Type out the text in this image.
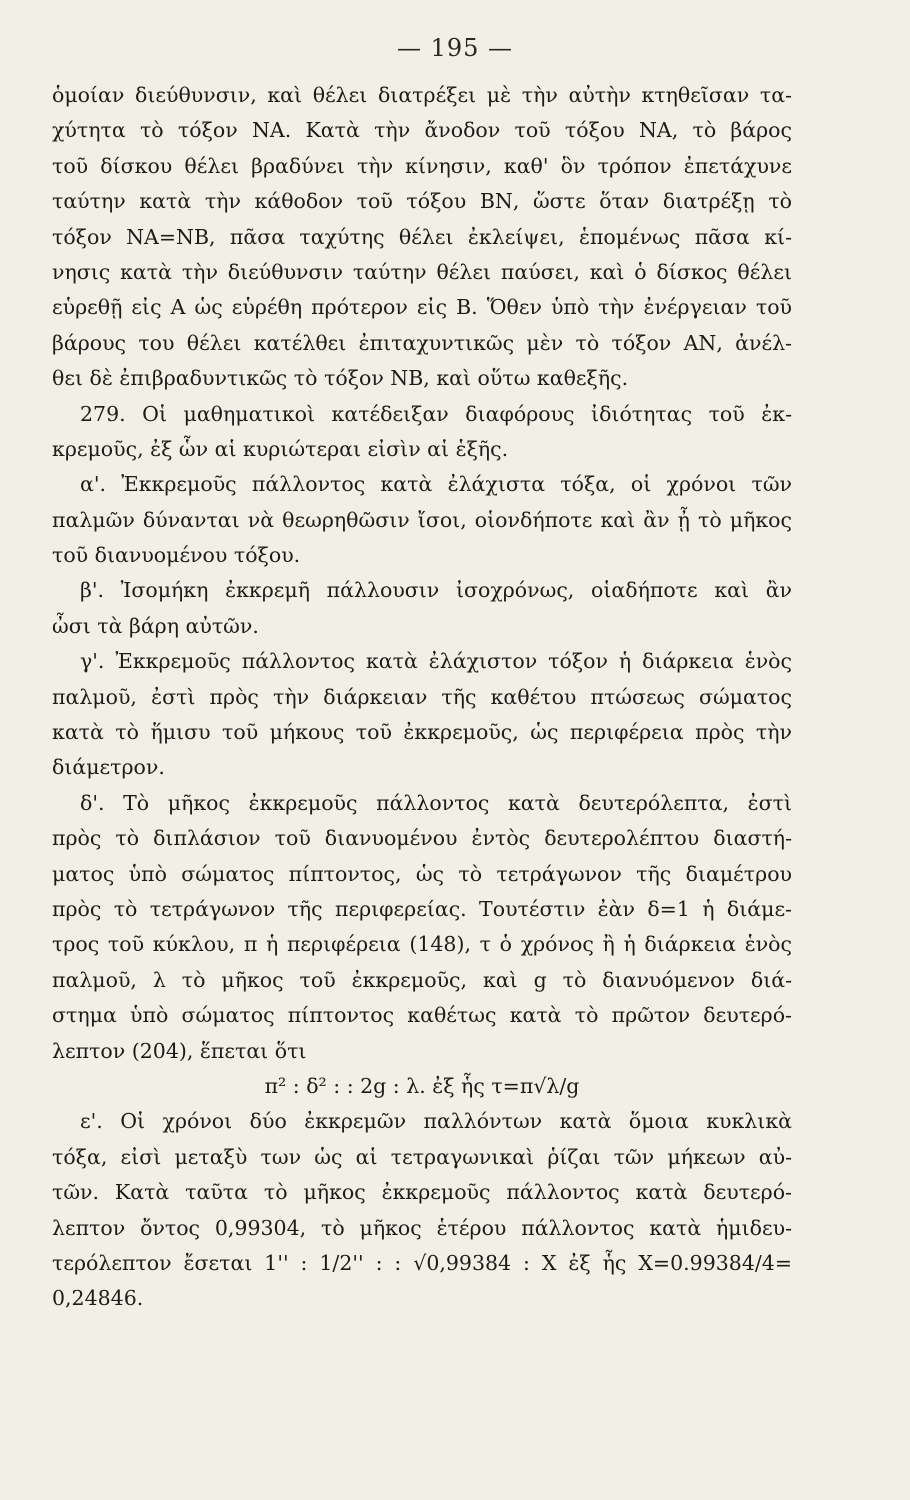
— 195 —
ὁμοίαν διεύθυνσιν, καὶ θέλει διατρέξει μὲ τὴν αὐτὴν κτηθεῖσαν τα-
χύτητα τὸ τόξον ΝΑ. Κατὰ τὴν ἄνοδον τοῦ τόξου ΝΑ, τὸ βάρος
τοῦ δίσκου θέλει βραδύνει τὴν κίνησιν, καθ' ὃν τρόπον ἐπετάχυνε
ταύτην κατὰ τὴν κάθοδον τοῦ τόξου ΒΝ, ὥστε ὅταν διατρέξῃ τὸ
τόξον ΝΑ=ΝΒ, πᾶσα ταχύτης θέλει ἐκλείψει, ἑπομένως πᾶσα κί-
νησις κατὰ τὴν διεύθυνσιν ταύτην θέλει παύσει, καὶ ὁ δίσκος θέλει
εὑρεθῇ εἰς Α ὡς εὑρέθη πρότερον εἰς Β. Ὅθεν ὑπὸ τὴν ἐνέργειαν τοῦ
βάρους του θέλει κατέλθει ἐπιταχυντικῶς μὲν τὸ τόξον ΑΝ, ἀνέλ-
θει δὲ ἐπιβραδυντικῶς τὸ τόξον ΝΒ, καὶ οὕτω καθεξῆς.
279. Οἱ μαθηματικοὶ κατέδειξαν διαφόρους ἰδιότητας τοῦ ἐκ-
κρεμοῦς, ἐξ ὧν αἱ κυριώτεραι εἰσὶν αἱ ἑξῆς.
α'. Ἐκκρεμοῦς πάλλοντος κατὰ ἐλάχιστα τόξα, οἱ χρόνοι τῶν
παλμῶν δύνανται νὰ θεωρηθῶσιν ἴσοι, οἱονδήποτε καὶ ἂν ᾖ τὸ μῆκος
τοῦ διανυομένου τόξου.
β'. Ἰσομήκη ἐκκρεμῆ πάλλουσιν ἰσοχρόνως, οἱαδήποτε καὶ ἂν
ὦσι τὰ βάρη αὐτῶν.
γ'. Ἐκκρεμοῦς πάλλοντος κατὰ ἐλάχιστον τόξον ἡ διάρκεια ἑνὸς
παλμοῦ, ἐστὶ πρὸς τὴν διάρκειαν τῆς καθέτου πτώσεως σώματος
κατὰ τὸ ἥμισυ τοῦ μήκους τοῦ ἐκκρεμοῦς, ὡς περιφέρεια πρὸς τὴν
διάμετρον.
δ'. Τὸ μῆκος ἐκκρεμοῦς πάλλοντος κατὰ δευτερόλεπτα, ἐστὶ
πρὸς τὸ διπλάσιον τοῦ διανυομένου ἐντὸς δευτερολέπτου διαστή-
ματος ὑπὸ σώματος πίπτοντος, ὡς τὸ τετράγωνον τῆς διαμέτρου
πρὸς τὸ τετράγωνον τῆς περιφερείας. Τουτέστιν ἐὰν δ=1 ἡ διάμε-
τρος τοῦ κύκλου, π ἡ περιφέρεια (148), τ ὁ χρόνος ἢ ἡ διάρκεια ἑνὸς
παλμοῦ, λ τὸ μῆκος τοῦ ἐκκρεμοῦς, καὶ g τὸ διανυόμενον διά-
στημα ὑπὸ σώματος πίπτοντος καθέτως κατὰ τὸ πρῶτον δευτερό-
λεπτον (204), ἕπεται ὅτι
π² : δ² : : 2g : λ. ἐξ ἧς τ=π√λ/g
ε'. Οἱ χρόνοι δύο ἐκκρεμῶν παλλόντων κατὰ ὅμοια κυκλικὰ
τόξα, εἰσὶ μεταξὺ των ὡς αἱ τετραγωνικαὶ ῥίζαι τῶν μήκεων αὐ-
τῶν. Κατὰ ταῦτα τὸ μῆκος ἐκκρεμοῦς πάλλοντος κατὰ δευτερό-
λεπτον ὄντος 0,99304, τὸ μῆκος ἑτέρου πάλλοντος κατὰ ἡμιδευ-
τερόλεπτον ἔσεται 1'' : 1/2'' : : √0,99384 : Χ ἐξ ἧς Χ=0.99384/4=
0,24846.
